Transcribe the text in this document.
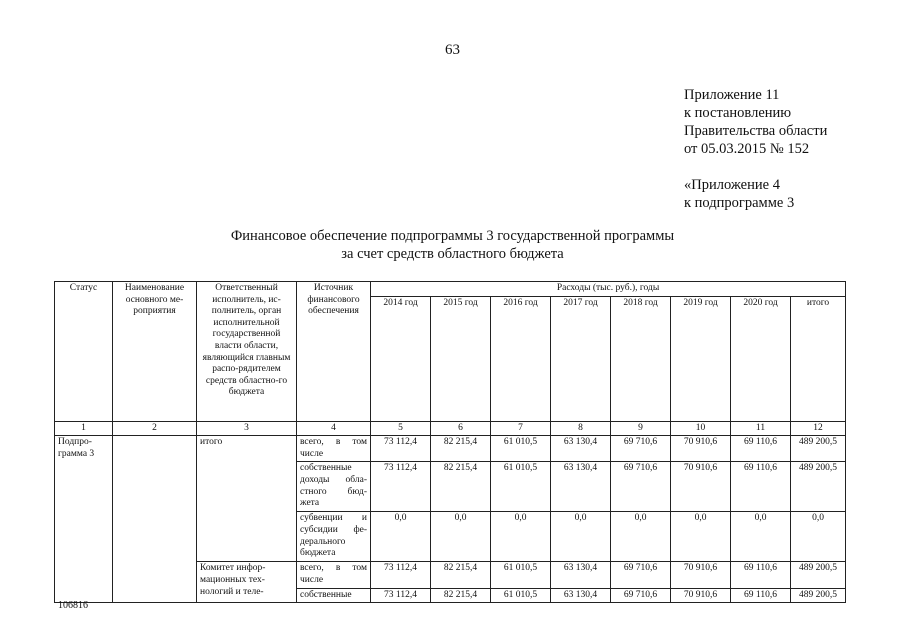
63
Приложение 11
к постановлению
Правительства области
от 05.03.2015 № 152
«Приложение 4
к подпрограмме 3
Финансовое обеспечение подпрограммы 3 государственной программы
за счет средств областного бюджета
Статус	Наименование основного ме-роприятия	Ответственный исполнитель, ис-полнитель, орган исполнительной государственной власти области, являющийся главным распо-рядителем средств областно-го бюджета	Источник финансового обеспечения	Расходы (тыс. руб.), годы							
				2014 год	2015 год	2016 год	2017 год	2018 год	2019 год	2020 год	итого
1	2	3	4	5	6	7	8	9	10	11	12
Подпро-грамма 3		итого	всего, в том числе	73 112,4	82 215,4	61 010,5	63 130,4	69 710,6	70 910,6	69 110,6	489 200,5
			собственные доходы обла-стного бюд-жета	73 112,4	82 215,4	61 010,5	63 130,4	69 710,6	70 910,6	69 110,6	489 200,5
			субвенции и субсидии фе-дерального бюджета	0,0	0,0	0,0	0,0	0,0	0,0	0,0	0,0
		Комитет инфор-мационных тех-нологий и теле-	всего, в том числе	73 112,4	82 215,4	61 010,5	63 130,4	69 710,6	70 910,6	69 110,6	489 200,5
			собственные	73 112,4	82 215,4	61 010,5	63 130,4	69 710,6	70 910,6	69 110,6	489 200,5
106816
